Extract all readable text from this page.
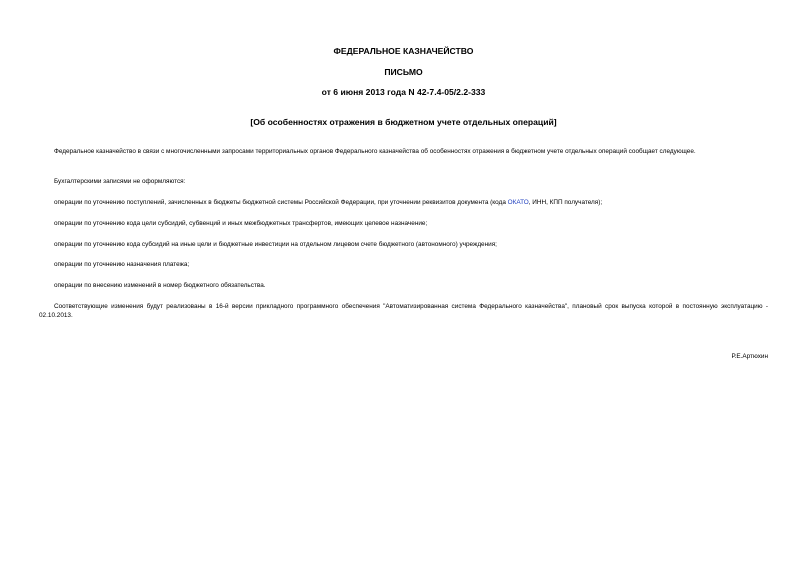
ФЕДЕРАЛЬНОЕ КАЗНАЧЕЙСТВО
ПИСЬМО
от 6 июня 2013 года N 42-7.4-05/2.2-333
[Об особенностях отражения в бюджетном учете отдельных операций]
Федеральное казначейство в связи с многочисленными запросами территориальных органов Федерального казначейства об особенностях отражения в бюджетном учете отдельных операций сообщает следующее.
Бухгалтерскими записями не оформляются:
операции по уточнению поступлений, зачисленных в бюджеты бюджетной системы Российской Федерации, при уточнении реквизитов документа (кода ОКАТО, ИНН, КПП получателя);
операции по уточнению кода цели субсидий, субвенций и иных межбюджетных трансфертов, имеющих целевое назначение;
операции по уточнению кода субсидий на иные цели и бюджетные инвестиции на отдельном лицевом счете бюджетного (автономного) учреждения;
операции по уточнению назначения платежа;
операции по внесению изменений в номер бюджетного обязательства.
Соответствующие изменения будут реализованы в 16-й версии прикладного программного обеспечения "Автоматизированная система Федерального казначейства", плановый срок выпуска которой в постоянную эксплуатацию - 02.10.2013.
Р.Е.Артюхин
